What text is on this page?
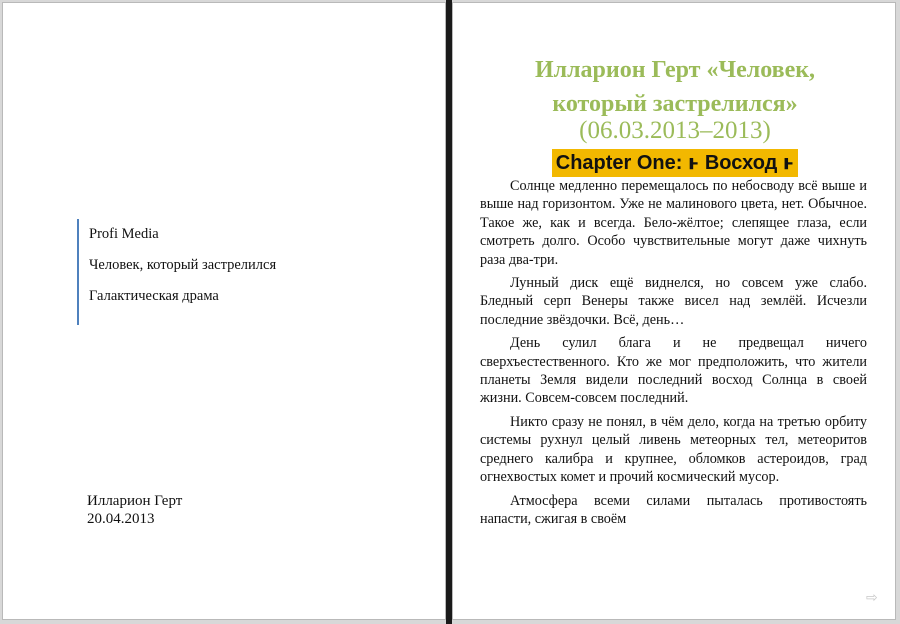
Profi Media
Человек, который застрелился
Галактическая драма
Илларион Герт
20.04.2013
Илларион Герт «Человек,
который застрелился»
(06.03.2013–2013)
Chapter One: ͱ Восход ͱ

Солнце медленно перемещалось по небосводу всё выше и выше над горизонтом. Уже не малинового цвета, нет. Обычное. Такое же, как и всегда. Бело-жёлтое; слепящее глаза, если смотреть долго. Особо чувствительные могут даже чихнуть раза два-три.

Лунный диск ещё виднелся, но совсем уже слабо. Бледный серп Венеры также висел над землёй. Исчезли последние звёздочки. Всё, день…

День сулил блага и не предвещал ничего сверхъестественного. Кто же мог предположить, что жители планеты Земля видели последний восход Солнца в своей жизни. Совсем-совсем последний.

Никто сразу не понял, в чём дело, когда на третью орбиту системы рухнул целый ливень метеорных тел, метеоритов среднего калибра и крупнее, обломков астероидов, град огнехвостых комет и прочий космический мусор.

Атмосфера всеми силами пыталась противостоять напасти, сжигая в своём

⇨
